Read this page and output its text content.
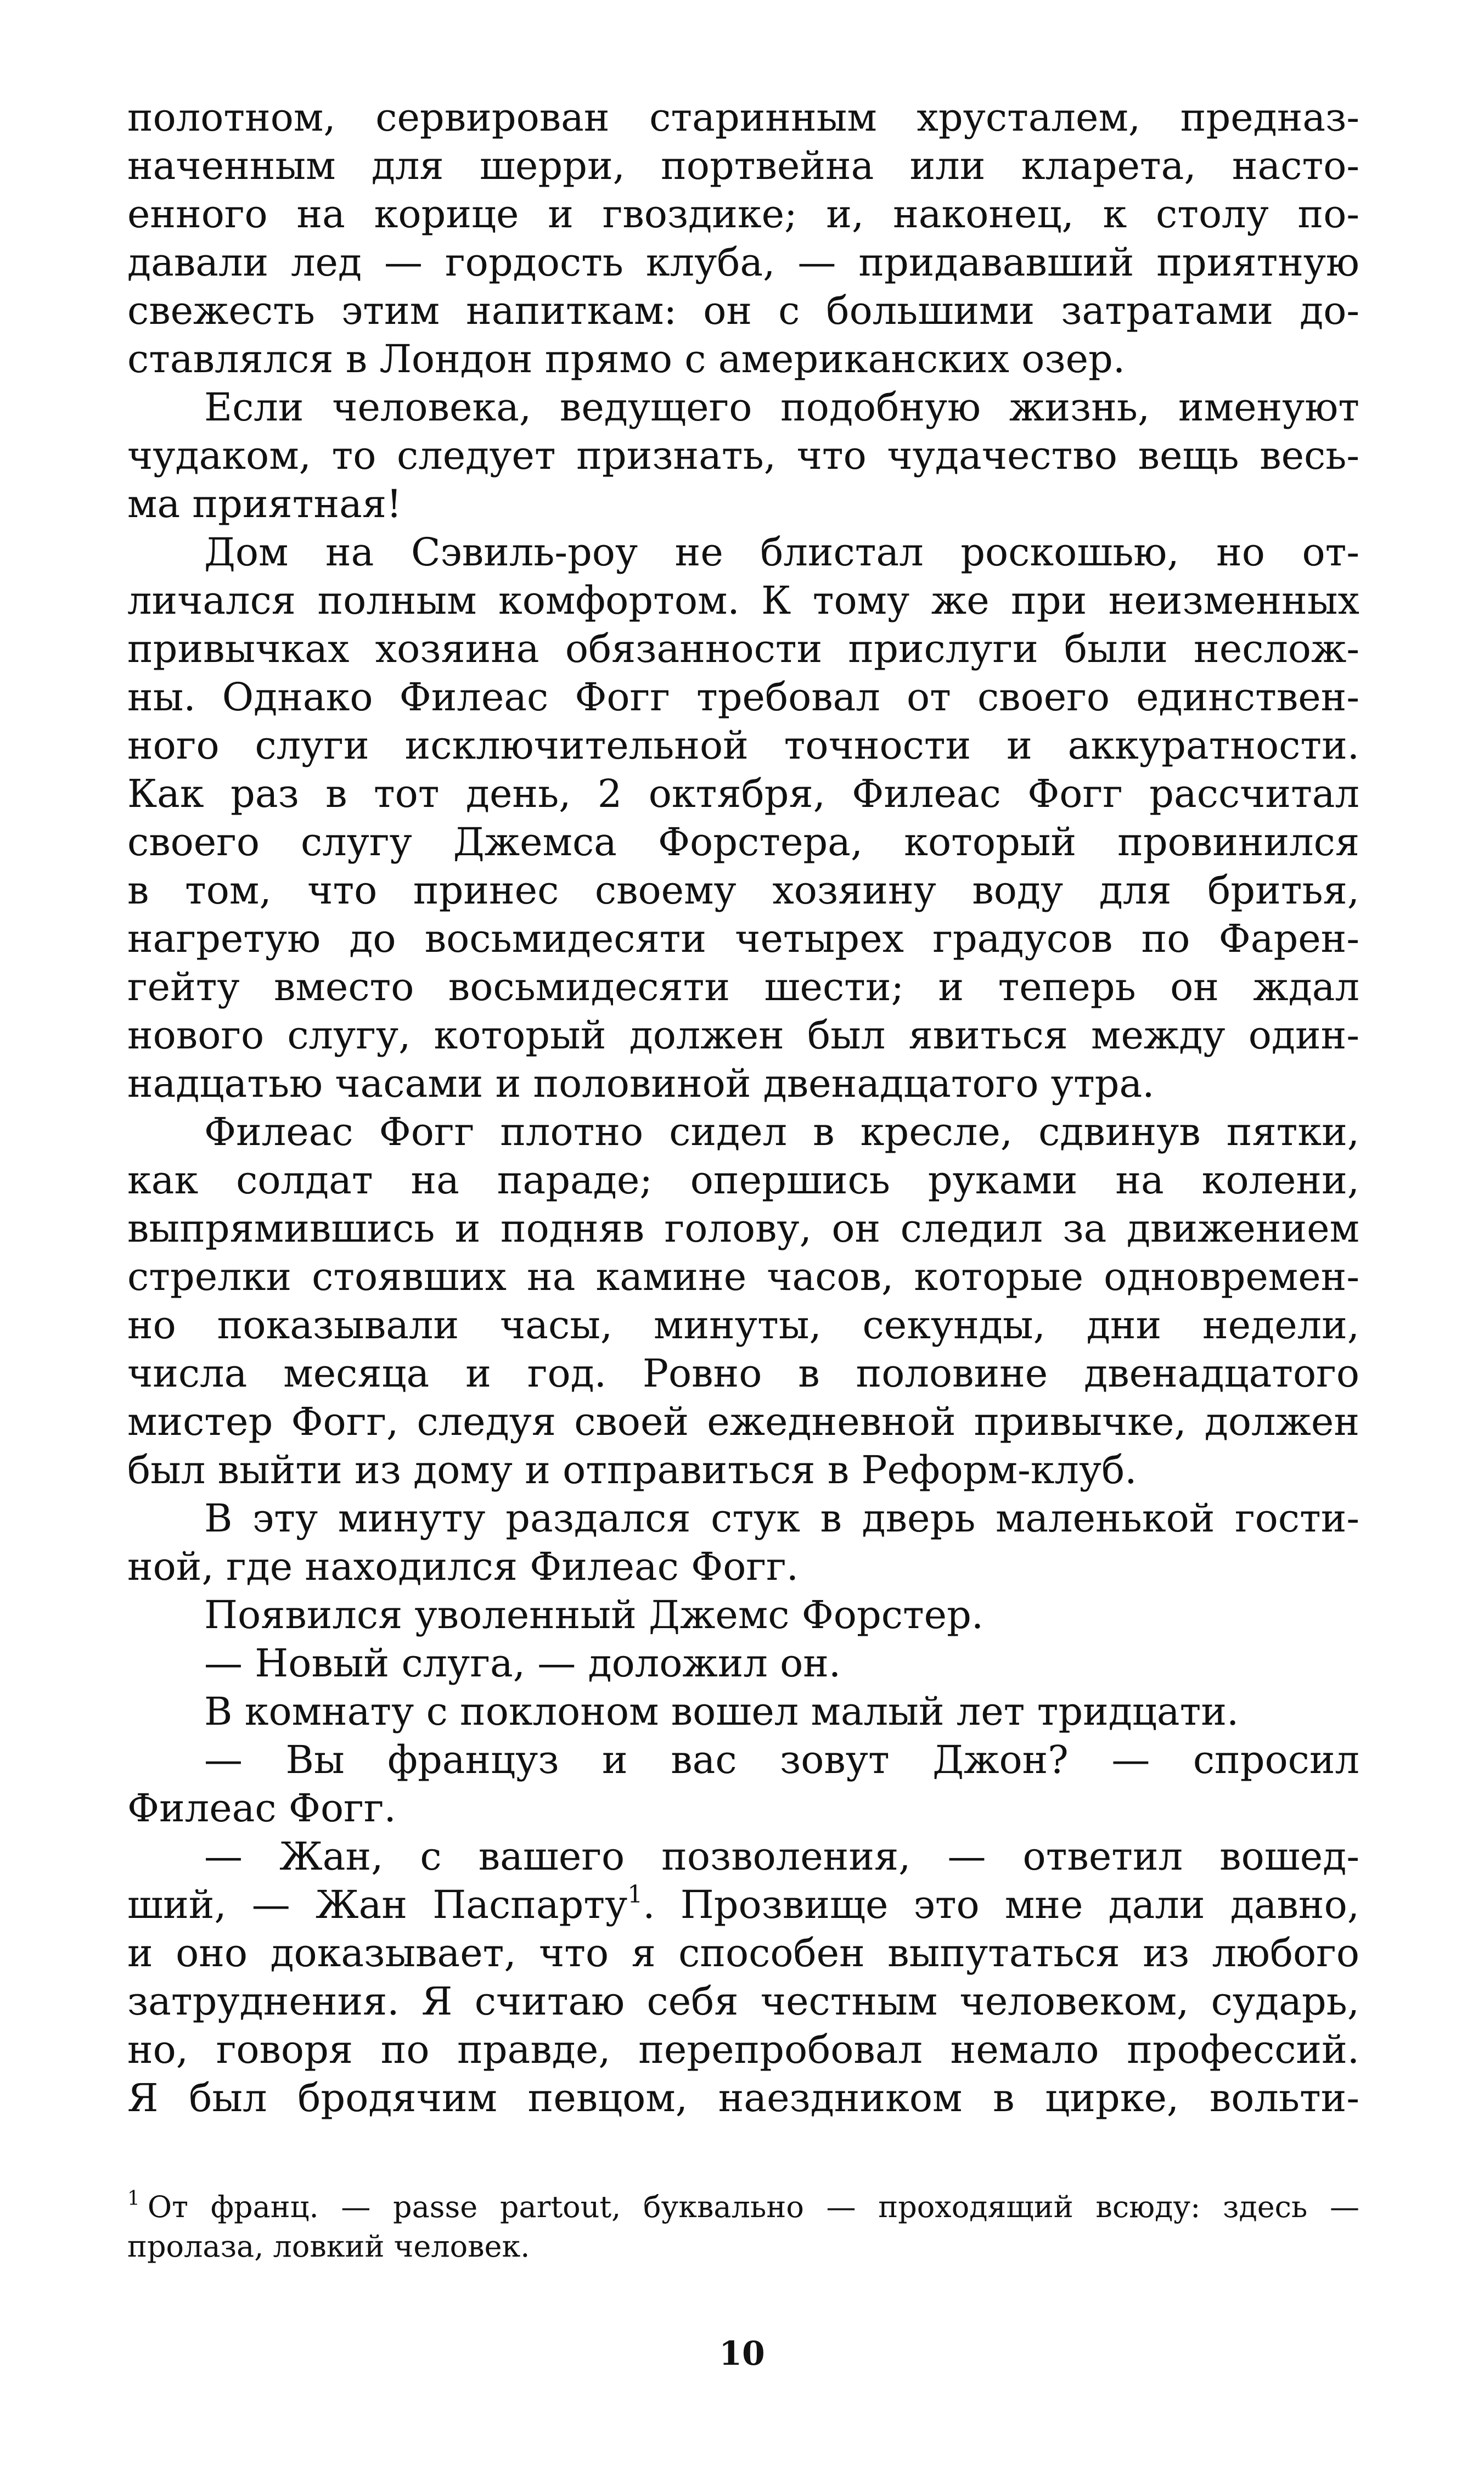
полотном, сервирован старинным хрусталем, предназ-
наченным для шерри, портвейна или кларета, насто-
енного на корице и гвоздике; и, наконец, к столу по-
давали лед — гордость клуба, — придававший приятную
свежесть этим напиткам: он с большими затратами до-
ставлялся в Лондон прямо с американских озер.
Если человека, ведущего подобную жизнь, именуют
чудаком, то следует признать, что чудачество вещь весь-
ма приятная!
Дом на Сэвиль-роу не блистал роскошью, но от-
личался полным комфортом. К тому же при неизменных
привычках хозяина обязанности прислуги были неслож-
ны. Однако Филеас Фогг требовал от своего единствен-
ного слуги исключительной точности и аккуратности.
Как раз в тот день, 2 октября, Филеас Фогг рассчитал
своего слугу Джемса Форстера, который провинился
в том, что принес своему хозяину воду для бритья,
нагретую до восьмидесяти четырех градусов по Фарен-
гейту вместо восьмидесяти шести; и теперь он ждал
нового слугу, который должен был явиться между один-
надцатью часами и половиной двенадцатого утра.
Филеас Фогг плотно сидел в кресле, сдвинув пятки,
как солдат на параде; опершись руками на колени,
выпрямившись и подняв голову, он следил за движением
стрелки стоявших на камине часов, которые одновремен-
но показывали часы, минуты, секунды, дни недели,
числа месяца и год. Ровно в половине двенадцатого
мистер Фогг, следуя своей ежедневной привычке, должен
был выйти из дому и отправиться в Реформ-клуб.
В эту минуту раздался стук в дверь маленькой гости-
ной, где находился Филеас Фогг.
Появился уволенный Джемс Форстер.
— Новый слуга, — доложил он.
В комнату с поклоном вошел малый лет тридцати.
— Вы француз и вас зовут Джон? — спросил
Филеас Фогг.
— Жан, с вашего позволения, — ответил вошед-
ший, — Жан Паспарту$^1$. Прозвище это мне дали давно,
и оно доказывает, что я способен выпутаться из любого
затруднения. Я считаю себя честным человеком, сударь,
но, говоря по правде, перепробовал немало профессий.
Я был бродячим певцом, наездником в цирке, вольти-
$^1$ От франц. — passe partout, буквально — проходящий всюду: здесь —
пролаза, ловкий человек.
10
